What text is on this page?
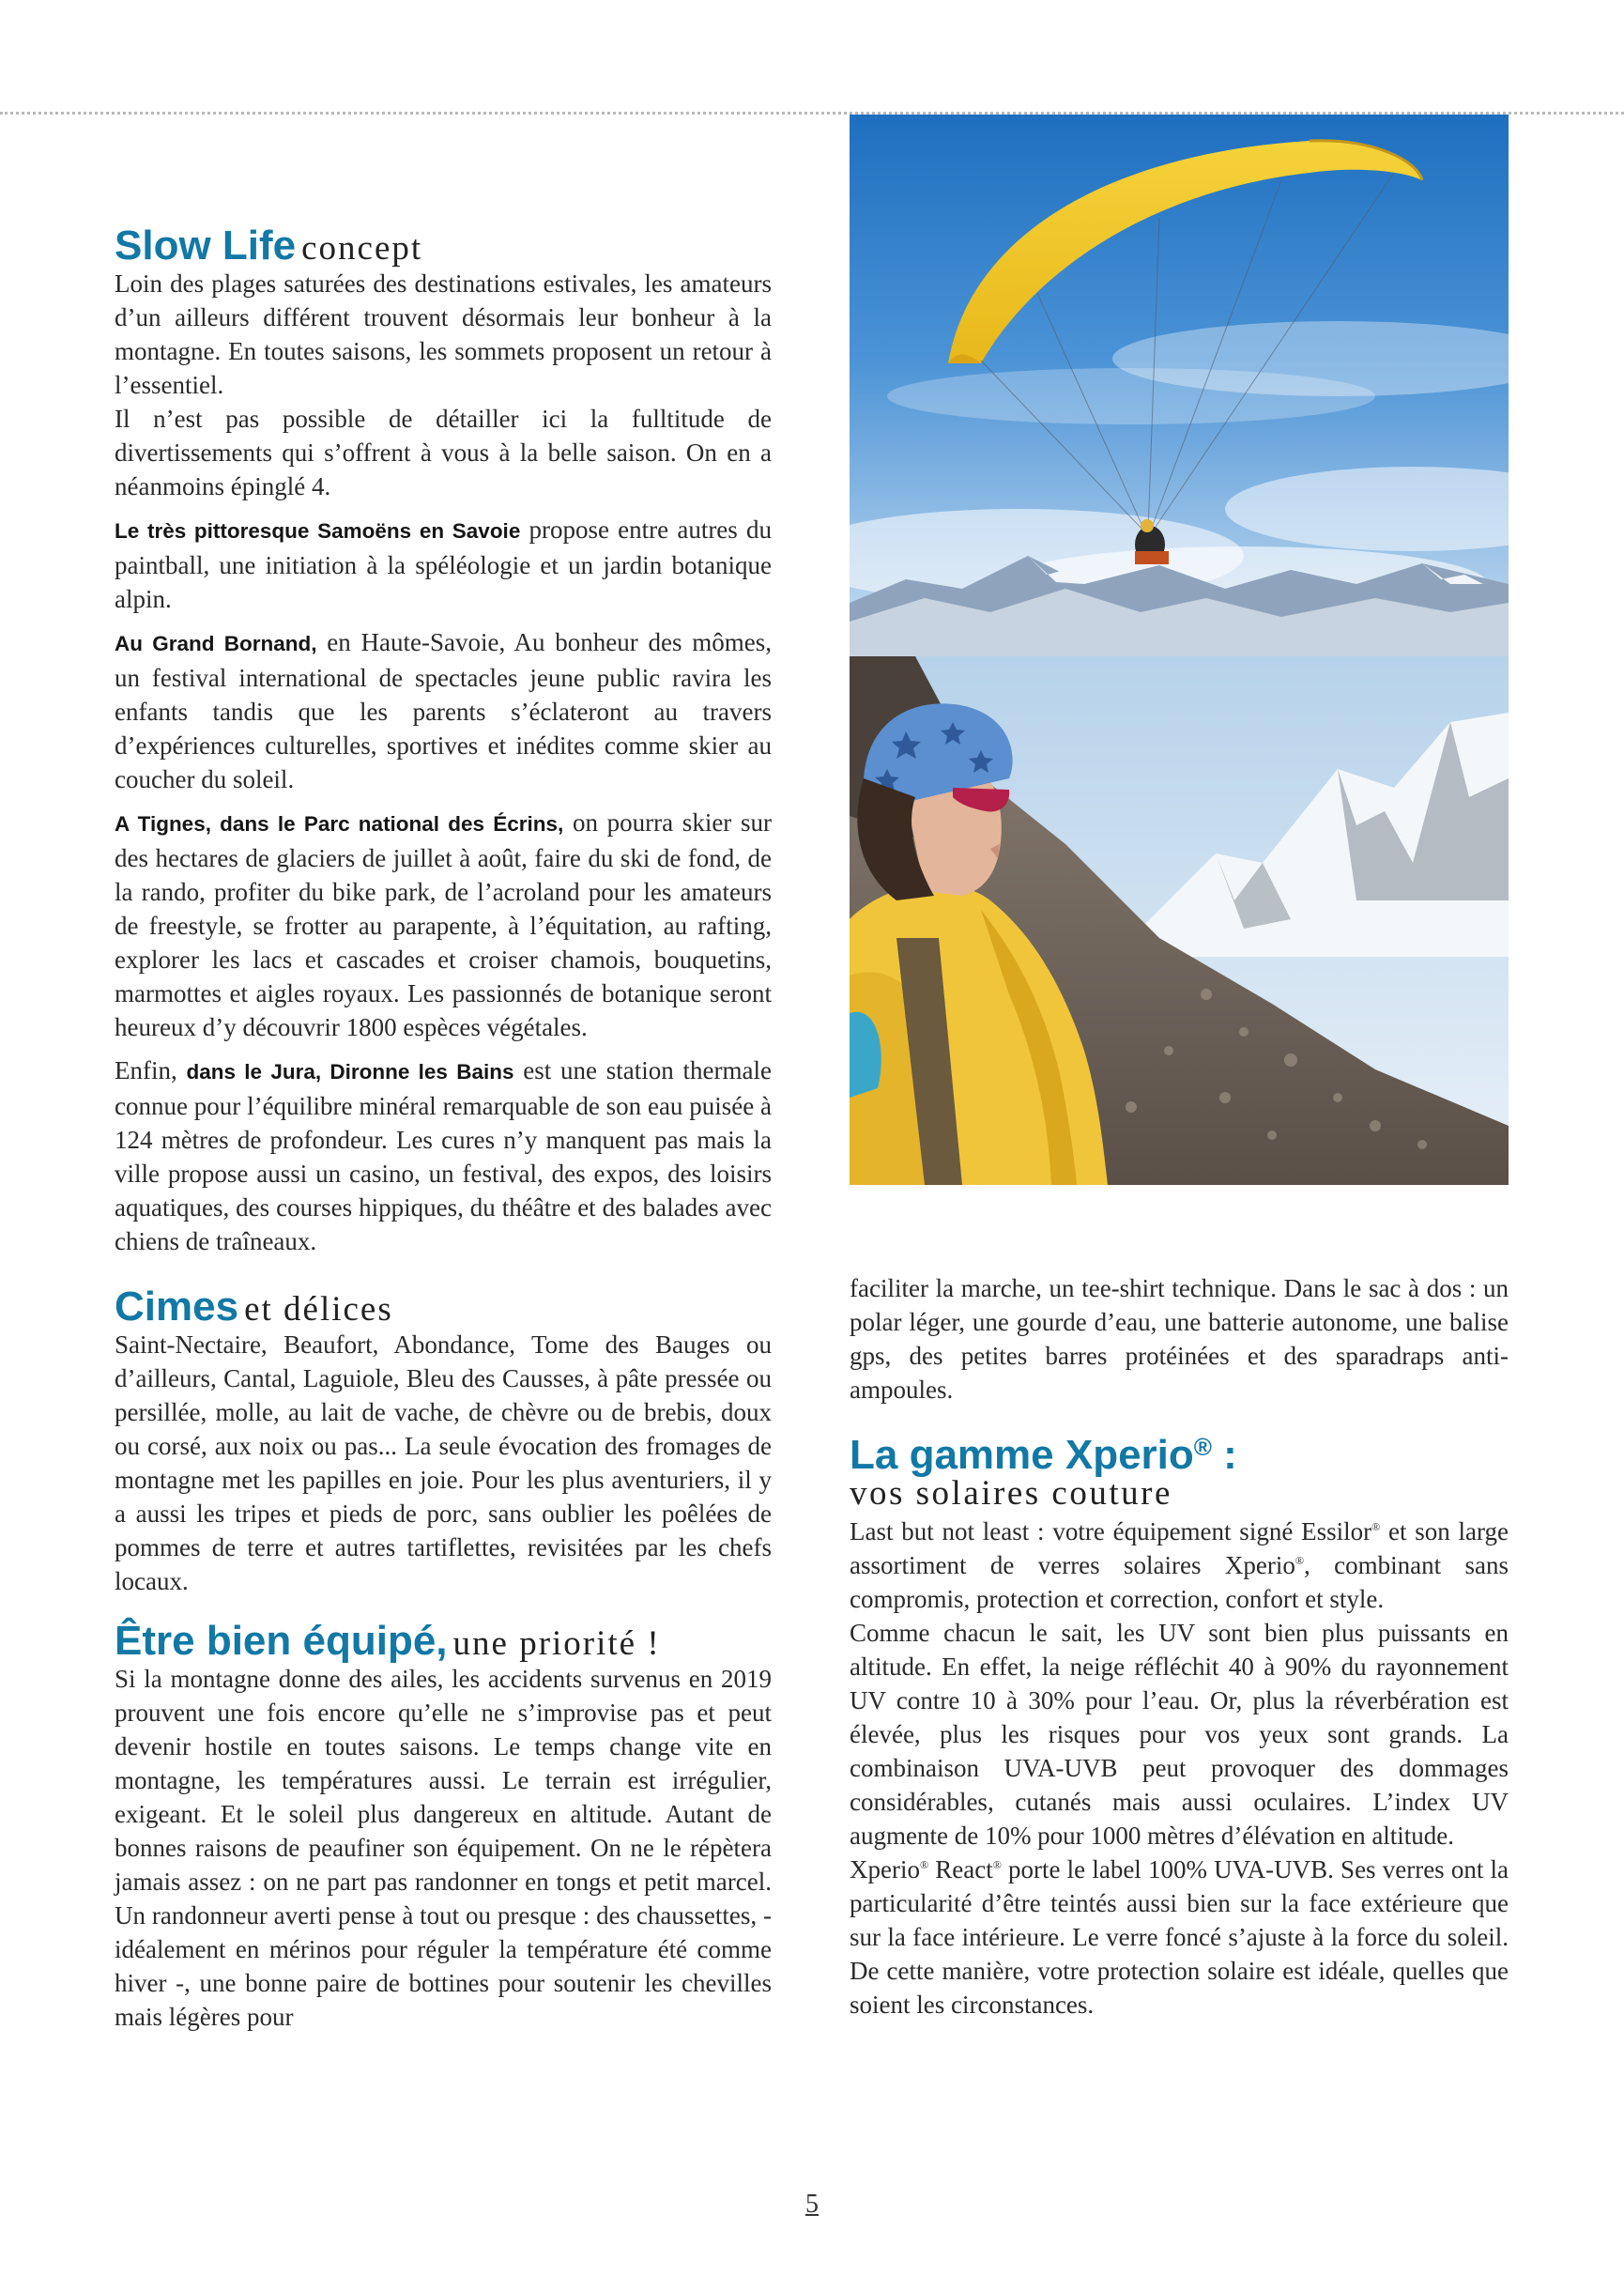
Slow Life concept

Loin des plages saturées des destinations estivales, les amateurs d’un ailleurs différent trouvent désormais leur bonheur à la montagne. En toutes saisons, les sommets proposent un retour à l’essentiel.

Il n’est pas possible de détailler ici la fulltitude de divertissements qui s’offrent à vous à la belle saison. On en a néanmoins épinglé 4.

Le très pittoresque Samoëns en Savoie propose entre autres du paintball, une initiation à la spéléologie et un jardin botanique alpin.

Au Grand Bornand, en Haute-Savoie, Au bonheur des mômes, un festival international de spectacles jeune public ravira les enfants tandis que les parents s’éclateront au travers d’expériences culturelles, sportives et inédites comme skier au coucher du soleil.

A Tignes, dans le Parc national des Écrins, on pourra skier sur des hectares de glaciers de juillet à août, faire du ski de fond, de la rando, profiter du bike park, de l’acroland pour les amateurs de freestyle, se frotter au parapente, à l’équitation, au rafting, explorer les lacs et cascades et croiser chamois, bouquetins, marmottes et aigles royaux. Les passionnés de botanique seront heureux d’y découvrir 1800 espèces végétales.

Enfin, dans le Jura, Dironne les Bains est une station thermale connue pour l’équilibre minéral remarquable de son eau puisée à 124 mètres de profondeur. Les cures n’y manquent pas mais la ville propose aussi un casino, un festival, des expos, des loisirs aquatiques, des courses hippiques, du théâtre et des balades avec chiens de traîneaux.

Cimes et délices

Saint-Nectaire, Beaufort, Abondance, Tome des Bauges ou d’ailleurs, Cantal, Laguiole, Bleu des Causses, à pâte pressée ou persillée, molle, au lait de vache, de chèvre ou de brebis, doux ou corsé, aux noix ou pas... La seule évocation des fromages de montagne met les papilles en joie. Pour les plus aventuriers, il y a aussi les tripes et pieds de porc, sans oublier les poêlées de pommes de terre et autres tartiflettes, revisitées par les chefs locaux.

Être bien équipé, une priorité !

Si la montagne donne des ailes, les accidents survenus en 2019 prouvent une fois encore qu’elle ne s’improvise pas et peut devenir hostile en toutes saisons. Le temps change vite en montagne, les températures aussi. Le terrain est irrégulier, exigeant. Et le soleil plus dangereux en altitude. Autant de bonnes raisons de peaufiner son équipement. On ne le répètera jamais assez : on ne part pas randonner en tongs et petit marcel. Un randonneur averti pense à tout ou presque : des chaussettes, - idéalement en mérinos pour réguler la température été comme hiver -, une bonne paire de bottines pour soutenir les chevilles mais légères pour

faciliter la marche, un tee-shirt technique. Dans le sac à dos : un polar léger, une gourde d’eau, une batterie autonome, une balise gps, des petites barres protéinées et des sparadraps anti-ampoules.

La gamme Xperio® :
vos solaires couture

Last but not least : votre équipement signé Essilor® et son large assortiment de verres solaires Xperio®, combinant sans compromis, protection et correction, confort et style.

Comme chacun le sait, les UV sont bien plus puissants en altitude. En effet, la neige réfléchit 40 à 90% du rayonnement UV contre 10 à 30% pour l’eau. Or, plus la réverbération est élevée, plus les risques pour vos yeux sont grands. La combinaison UVA-UVB peut provoquer des dommages considérables, cutanés mais aussi oculaires. L’index UV augmente de 10% pour 1000 mètres d’élévation en altitude.

Xperio® React® porte le label 100% UVA-UVB. Ses verres ont la particularité d’être teintés aussi bien sur la face extérieure que sur la face intérieure. Le verre foncé s’ajuste à la force du soleil. De cette manière, votre protection solaire est idéale, quelles que soient les circonstances.

5
